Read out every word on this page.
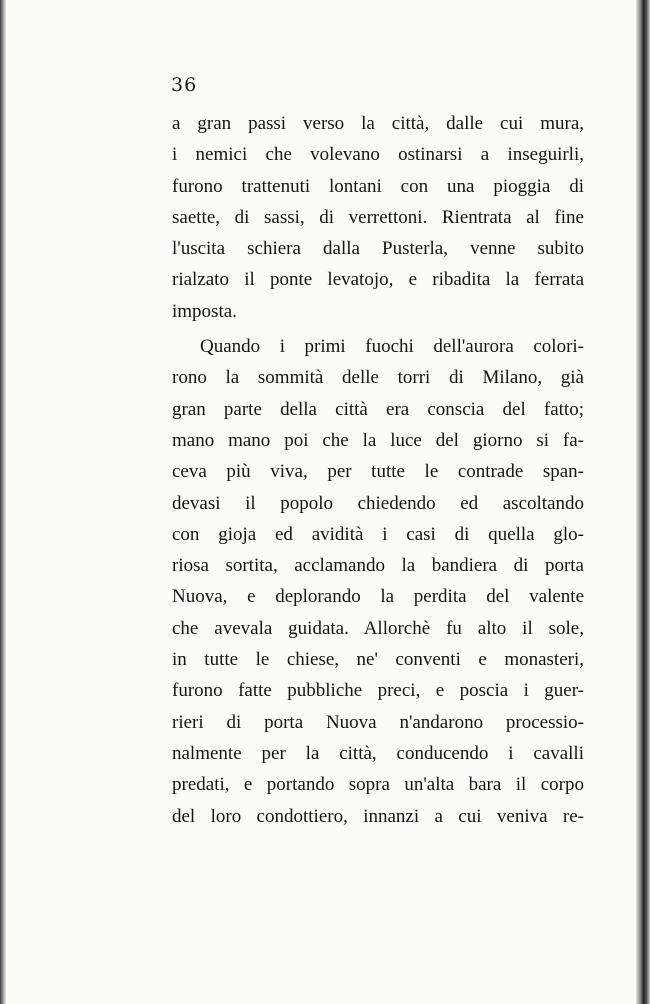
36
a gran passi verso la città, dalle cui mura,
i nemici che volevano ostinarsi a inseguirli,
furono trattenuti lontani con una pioggia di
saette, di sassi, di verrettoni. Rientrata al fine
l'uscita schiera dalla Pusterla, venne subito
rialzato il ponte levatojo, e ribadita la ferrata
imposta.
Quando i primi fuochi dell'aurora colori-
rono la sommità delle torri di Milano, già
gran parte della città era conscia del fatto;
mano mano poi che la luce del giorno si fa-
ceva più viva, per tutte le contrade span-
devasi il popolo chiedendo ed ascoltando
con gioja ed avidità i casi di quella glo-
riosa sortita, acclamando la bandiera di porta
Nuova, e deplorando la perdita del valente
che avevala guidata. Allorchè fu alto il sole,
in tutte le chiese, ne' conventi e monasteri,
furono fatte pubbliche preci, e poscia i guer-
rieri di porta Nuova n'andarono processio-
nalmente per la città, conducendo i cavalli
predati, e portando sopra un'alta bara il corpo
del loro condottiero, innanzi a cui veniva re-
